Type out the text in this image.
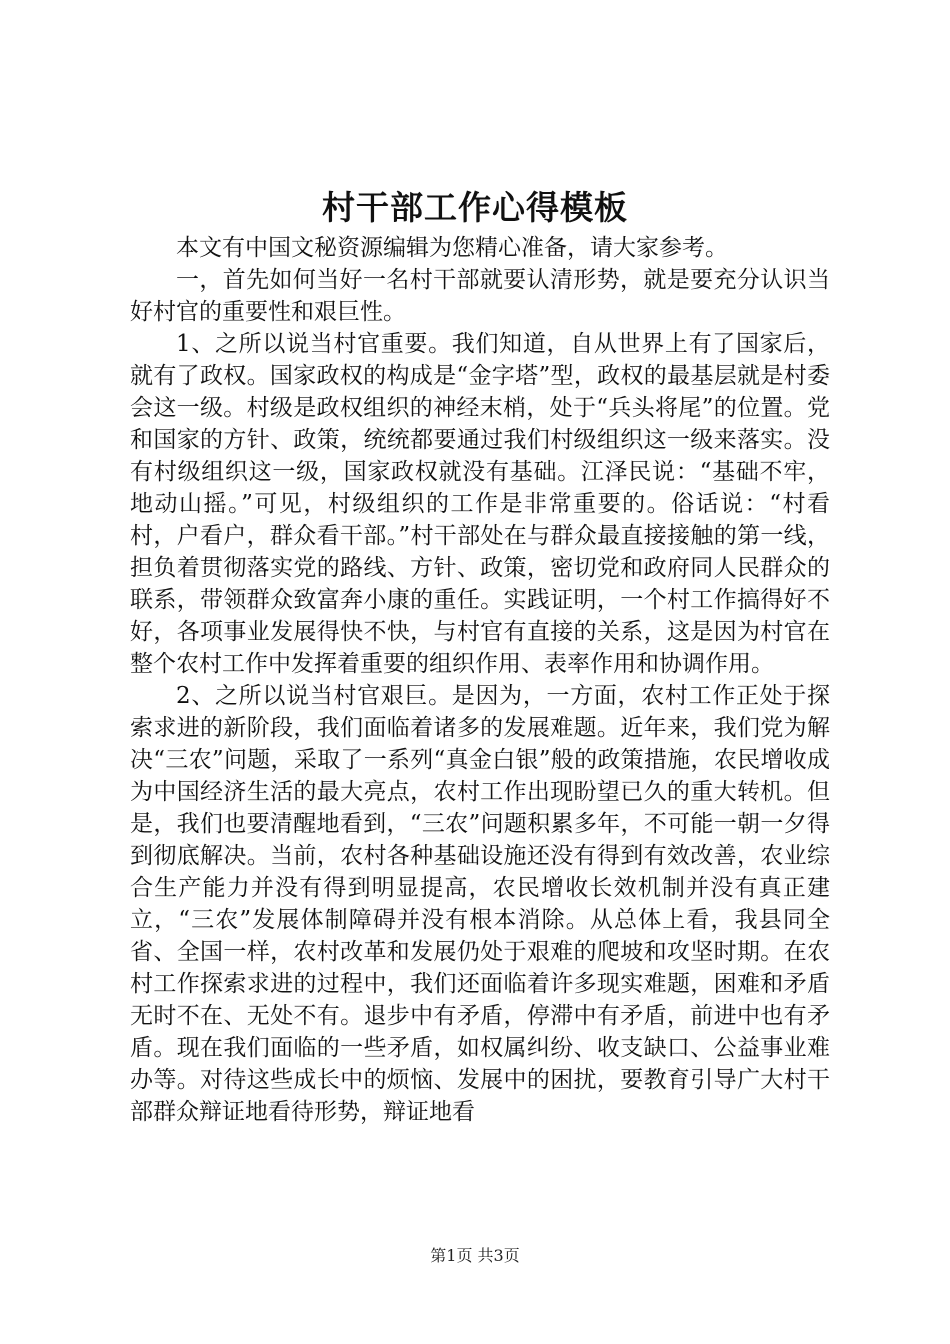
村干部工作心得模板

本文有中国文秘资源编辑为您精心准备，请大家参考。

一，首先如何当好一名村干部就要认清形势，就是要充分认识当好村官的重要性和艰巨性。

1、之所以说当村官重要。我们知道，自从世界上有了国家后，就有了政权。国家政权的构成是“金字塔”型，政权的最基层就是村委会这一级。村级是政权组织的神经末梢，处于“兵头将尾”的位置。党和国家的方针、政策，统统都要通过我们村级组织这一级来落实。没有村级组织这一级，国家政权就没有基础。江泽民说：“基础不牢，地动山摇。”可见，村级组织的工作是非常重要的。俗话说：“村看村，户看户，群众看干部。”村干部处在与群众最直接接触的第一线，担负着贯彻落实党的路线、方针、政策，密切党和政府同人民群众的联系，带领群众致富奔小康的重任。实践证明，一个村工作搞得好不好，各项事业发展得快不快，与村官有直接的关系，这是因为村官在整个农村工作中发挥着重要的组织作用、表率作用和协调作用。

2、之所以说当村官艰巨。是因为，一方面，农村工作正处于探索求进的新阶段，我们面临着诸多的发展难题。近年来，我们党为解决“三农”问题，采取了一系列“真金白银”般的政策措施，农民增收成为中国经济生活的最大亮点，农村工作出现盼望已久的重大转机。但是，我们也要清醒地看到，“三农”问题积累多年，不可能一朝一夕得到彻底解决。当前，农村各种基础设施还没有得到有效改善，农业综合生产能力并没有得到明显提高，农民增收长效机制并没有真正建立，“三农”发展体制障碍并没有根本消除。从总体上看，我县同全省、全国一样，农村改革和发展仍处于艰难的爬坡和攻坚时期。在农村工作探索求进的过程中，我们还面临着许多现实难题，困难和矛盾无时不在、无处不有。退步中有矛盾，停滞中有矛盾，前进中也有矛盾。现在我们面临的一些矛盾，如权属纠纷、收支缺口、公益事业难办等。对待这些成长中的烦恼、发展中的困扰，要教育引导广大村干部群众辩证地看待形势，辩证地看

第1页 共3页
